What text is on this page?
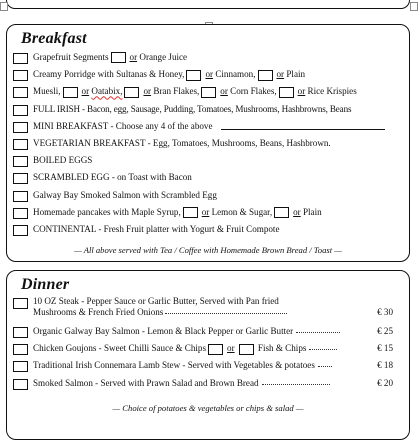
Breakfast
Grapefruit Segments or Orange Juice
Creamy Porridge with Sultanas & Honey, or Cinnamon, or Plain
Muesli, or Oatabix, or Bran Flakes, or Corn Flakes, or Rice Krispies
FULL IRISH - Bacon, egg, Sausage, Pudding, Tomatoes, Mushrooms, Hashbrowns, Beans
MINI BREAKFAST - Choose any 4 of the above
VEGETARIAN BREAKFAST - Egg, Tomatoes, Mushrooms, Beans, Hashbrown.
BOILED EGGS
SCRAMBLED EGG - on Toast with Bacon
Galway Bay Smoked Salmon with Scrambled Egg
Homemade pancakes with Maple Syrup, or Lemon & Sugar, or Plain
CONTINENTAL - Fresh Fruit platter with Yogurt & Fruit Compote
— All above served with Tea / Coffee with Homemade Brown Bread / Toast —
Dinner
10 OZ Steak - Pepper Sauce or Garlic Butter, Served with Pan fried
Mushrooms & French Fried Onions	€ 30
Organic Galway Bay Salmon - Lemon & Black Pepper or Garlic Butter	€ 25
Chicken Goujons - Sweet Chilli Sauce & Chips or	Fish & Chips	€ 15
Traditional Irish Connemara Lamb Stew - Served with Vegetables & potatoes	€ 18
Smoked Salmon - Served with Prawn Salad and Brown Bread	€ 20
— Choice of potatoes & vegetables or chips & salad —
